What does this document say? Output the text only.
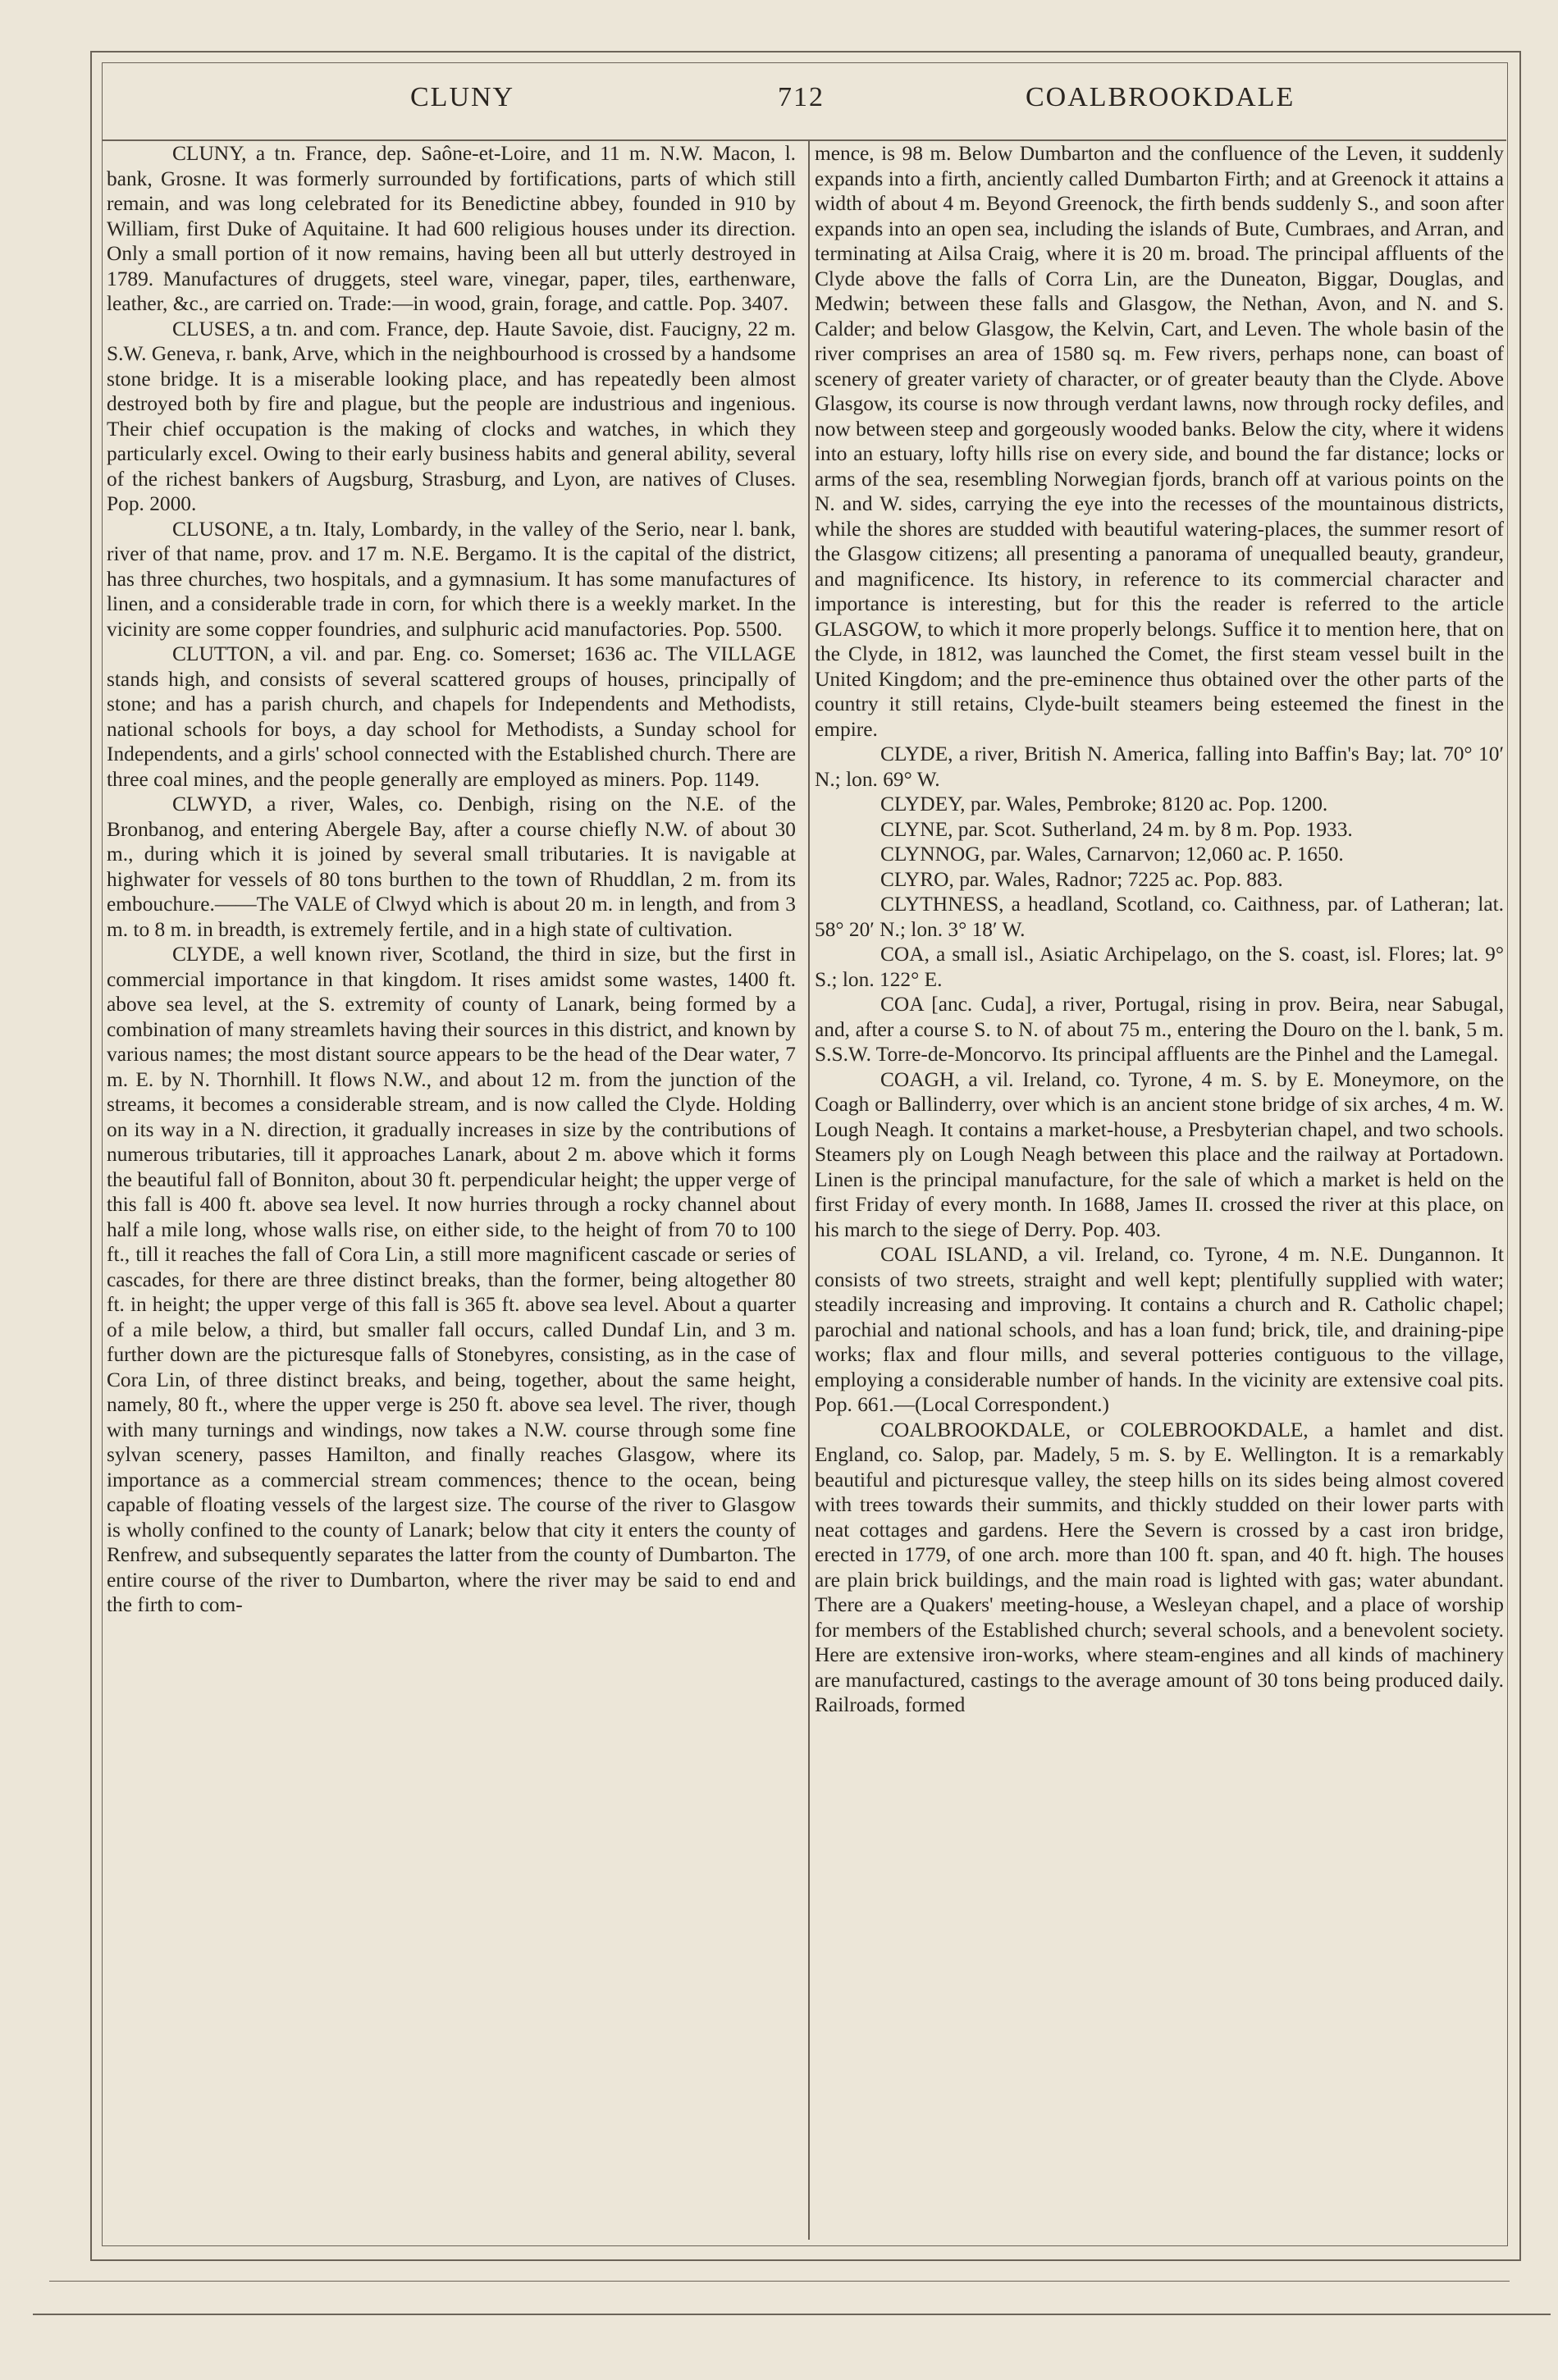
CLUNY	712	COALBROOKDALE

CLUNY, a tn. France, dep. Saône-et-Loire, and 11 m. N.W. Macon, l. bank, Grosne. It was formerly surrounded by fortifications, parts of which still remain, and was long celebrated for its Benedictine abbey, founded in 910 by William, first Duke of Aquitaine. It had 600 religious houses under its direction. Only a small portion of it now remains, having been all but utterly destroyed in 1789. Manufactures of druggets, steel ware, vinegar, paper, tiles, earthenware, leather, &c., are carried on. Trade:—in wood, grain, forage, and cattle. Pop. 3407.

CLUSES, a tn. and com. France, dep. Haute Savoie, dist. Faucigny, 22 m. S.W. Geneva, r. bank, Arve, which in the neighbourhood is crossed by a handsome stone bridge. It is a miserable looking place, and has repeatedly been almost destroyed both by fire and plague, but the people are industrious and ingenious. Their chief occupation is the making of clocks and watches, in which they particularly excel. Owing to their early business habits and general ability, several of the richest bankers of Augsburg, Strasburg, and Lyon, are natives of Cluses. Pop. 2000.

CLUSONE, a tn. Italy, Lombardy, in the valley of the Serio, near l. bank, river of that name, prov. and 17 m. N.E. Bergamo. It is the capital of the district, has three churches, two hospitals, and a gymnasium. It has some manufactures of linen, and a considerable trade in corn, for which there is a weekly market. In the vicinity are some copper foundries, and sulphuric acid manufactories. Pop. 5500.

CLUTTON, a vil. and par. Eng. co. Somerset; 1636 ac. The VILLAGE stands high, and consists of several scattered groups of houses, principally of stone; and has a parish church, and chapels for Independents and Methodists, national schools for boys, a day school for Methodists, a Sunday school for Independents, and a girls' school connected with the Established church. There are three coal mines, and the people generally are employed as miners. Pop. 1149.

CLWYD, a river, Wales, co. Denbigh, rising on the N.E. of the Bronbanog, and entering Abergele Bay, after a course chiefly N.W. of about 30 m., during which it is joined by several small tributaries. It is navigable at highwater for vessels of 80 tons burthen to the town of Rhuddlan, 2 m. from its embouchure.——The VALE of Clwyd which is about 20 m. in length, and from 3 m. to 8 m. in breadth, is extremely fertile, and in a high state of cultivation.

CLYDE, a well known river, Scotland, the third in size, but the first in commercial importance in that kingdom. It rises amidst some wastes, 1400 ft. above sea level, at the S. extremity of county of Lanark, being formed by a combination of many streamlets having their sources in this district, and known by various names; the most distant source appears to be the head of the Dear water, 7 m. E. by N. Thornhill. It flows N.W., and about 12 m. from the junction of the streams, it becomes a considerable stream, and is now called the Clyde. Holding on its way in a N. direction, it gradually increases in size by the contributions of numerous tributaries, till it approaches Lanark, about 2 m. above which it forms the beautiful fall of Bonniton, about 30 ft. perpendicular height; the upper verge of this fall is 400 ft. above sea level. It now hurries through a rocky channel about half a mile long, whose walls rise, on either side, to the height of from 70 to 100 ft., till it reaches the fall of Cora Lin, a still more magnificent cascade or series of cascades, for there are three distinct breaks, than the former, being altogether 80 ft. in height; the upper verge of this fall is 365 ft. above sea level. About a quarter of a mile below, a third, but smaller fall occurs, called Dundaf Lin, and 3 m. further down are the picturesque falls of Stonebyres, consisting, as in the case of Cora Lin, of three distinct breaks, and being, together, about the same height, namely, 80 ft., where the upper verge is 250 ft. above sea level. The river, though with many turnings and windings, now takes a N.W. course through some fine sylvan scenery, passes Hamilton, and finally reaches Glasgow, where its importance as a commercial stream commences; thence to the ocean, being capable of floating vessels of the largest size. The course of the river to Glasgow is wholly confined to the county of Lanark; below that city it enters the county of Renfrew, and subsequently separates the latter from the county of Dumbarton. The entire course of the river to Dumbarton, where the river may be said to end and the firth to com-

mence, is 98 m. Below Dumbarton and the confluence of the Leven, it suddenly expands into a firth, anciently called Dumbarton Firth; and at Greenock it attains a width of about 4 m. Beyond Greenock, the firth bends suddenly S., and soon after expands into an open sea, including the islands of Bute, Cumbraes, and Arran, and terminating at Ailsa Craig, where it is 20 m. broad. The principal affluents of the Clyde above the falls of Corra Lin, are the Duneaton, Biggar, Douglas, and Medwin; between these falls and Glasgow, the Nethan, Avon, and N. and S. Calder; and below Glasgow, the Kelvin, Cart, and Leven. The whole basin of the river comprises an area of 1580 sq. m. Few rivers, perhaps none, can boast of scenery of greater variety of character, or of greater beauty than the Clyde. Above Glasgow, its course is now through verdant lawns, now through rocky defiles, and now between steep and gorgeously wooded banks. Below the city, where it widens into an estuary, lofty hills rise on every side, and bound the far distance; locks or arms of the sea, resembling Norwegian fjords, branch off at various points on the N. and W. sides, carrying the eye into the recesses of the mountainous districts, while the shores are studded with beautiful watering-places, the summer resort of the Glasgow citizens; all presenting a panorama of unequalled beauty, grandeur, and magnificence. Its history, in reference to its commercial character and importance is interesting, but for this the reader is referred to the article GLASGOW, to which it more properly belongs. Suffice it to mention here, that on the Clyde, in 1812, was launched the Comet, the first steam vessel built in the United Kingdom; and the pre-eminence thus obtained over the other parts of the country it still retains, Clyde-built steamers being esteemed the finest in the empire.

CLYDE, a river, British N. America, falling into Baffin's Bay; lat. 70° 10′ N.; lon. 69° W.

CLYDEY, par. Wales, Pembroke; 8120 ac. Pop. 1200.

CLYNE, par. Scot. Sutherland, 24 m. by 8 m. Pop. 1933.

CLYNNOG, par. Wales, Carnarvon; 12,060 ac. P. 1650.

CLYRO, par. Wales, Radnor; 7225 ac. Pop. 883.

CLYTHNESS, a headland, Scotland, co. Caithness, par. of Latheran; lat. 58° 20′ N.; lon. 3° 18′ W.

COA, a small isl., Asiatic Archipelago, on the S. coast, isl. Flores; lat. 9° S.; lon. 122° E.

COA [anc. Cuda], a river, Portugal, rising in prov. Beira, near Sabugal, and, after a course S. to N. of about 75 m., entering the Douro on the l. bank, 5 m. S.S.W. Torre-de-Moncorvo. Its principal affluents are the Pinhel and the Lamegal.

COAGH, a vil. Ireland, co. Tyrone, 4 m. S. by E. Moneymore, on the Coagh or Ballinderry, over which is an ancient stone bridge of six arches, 4 m. W. Lough Neagh. It contains a market-house, a Presbyterian chapel, and two schools. Steamers ply on Lough Neagh between this place and the railway at Portadown. Linen is the principal manufacture, for the sale of which a market is held on the first Friday of every month. In 1688, James II. crossed the river at this place, on his march to the siege of Derry. Pop. 403.

COAL ISLAND, a vil. Ireland, co. Tyrone, 4 m. N.E. Dungannon. It consists of two streets, straight and well kept; plentifully supplied with water; steadily increasing and improving. It contains a church and R. Catholic chapel; parochial and national schools, and has a loan fund; brick, tile, and draining-pipe works; flax and flour mills, and several potteries contiguous to the village, employing a considerable number of hands. In the vicinity are extensive coal pits. Pop. 661.—(Local Correspondent.)

COALBROOKDALE, or COLEBROOKDALE, a hamlet and dist. England, co. Salop, par. Madely, 5 m. S. by E. Wellington. It is a remarkably beautiful and picturesque valley, the steep hills on its sides being almost covered with trees towards their summits, and thickly studded on their lower parts with neat cottages and gardens. Here the Severn is crossed by a cast iron bridge, erected in 1779, of one arch. more than 100 ft. span, and 40 ft. high. The houses are plain brick buildings, and the main road is lighted with gas; water abundant. There are a Quakers' meeting-house, a Wesleyan chapel, and a place of worship for members of the Established church; several schools, and a benevolent society. Here are extensive iron-works, where steam-engines and all kinds of machinery are manufactured, castings to the average amount of 30 tons being produced daily. Railroads, formed
